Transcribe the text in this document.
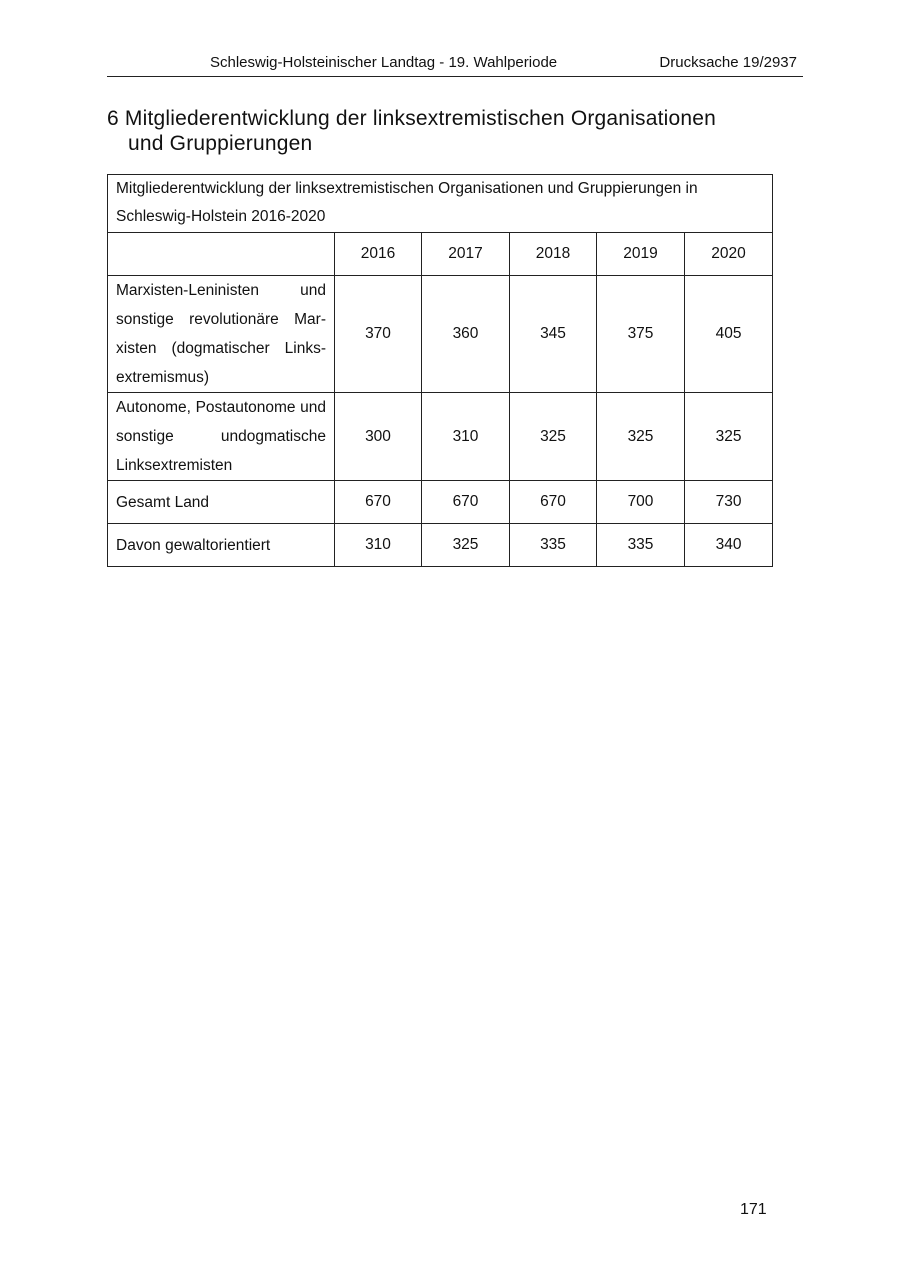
Schleswig-Holsteinischer Landtag - 19. Wahlperiode	Drucksache 19/2937
6 Mitgliederentwicklung der linksextremistischen Organisationen
und Gruppierungen
Mitgliederentwicklung der linksextremistischen Organisationen und Gruppierungen in
Schleswig-Holstein 2016-2020					

	2016	2017	2018	2019	2020
Marxisten-Leninisten und sonstige revolutionäre Marxisten (dogmatischer Linksextremismus)	370	360	345	375	405
Autonome, Postautonome und sonstige undogmatische Linksextremisten	300	310	325	325	325
Gesamt Land	670	670	670	700	730
Davon gewaltorientiert	310	325	335	335	340
171
